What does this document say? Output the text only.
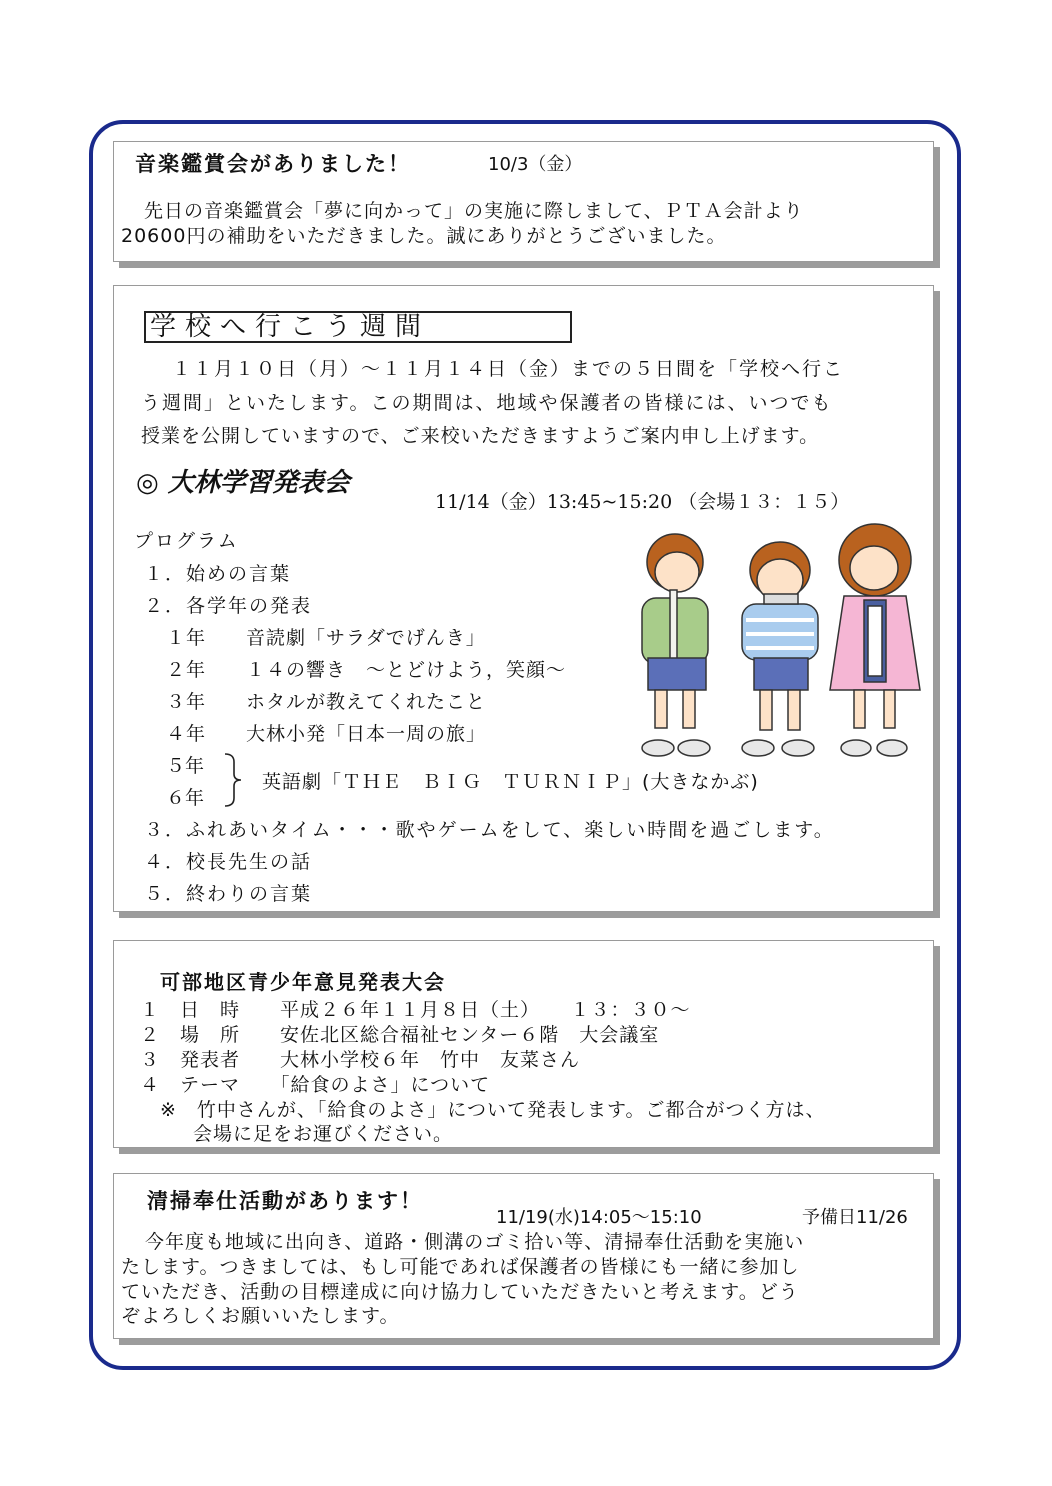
音楽鑑賞会がありました！	10/3（金）
先日の音楽鑑賞会「夢に向かって」の実施に際しまして、ＰＴＡ会計より
20600円の補助をいただきました。誠にありがとうございました。
学校へ行こう週間
１１月１０日（月）～１１月１４日（金）までの５日間を「学校へ行こ
う週間」といたします。この期間は、地域や保護者の皆様には、いつでも
授業を公開していますので、ご来校いただきますようご案内申し上げます。
◎ 大林学習発表会
11/14（金）13:45~15:20 （会場１３：１５）
プログラム
１．始めの言葉
２．各学年の発表
１年　　音読劇「サラダでげんき」
２年　　１４の響き　～とどけよう，笑顔～
３年　　ホタルが教えてくれたこと
４年　　大林小発「日本一周の旅」
５年
６年
英語劇「ＴＨＥ　ＢＩＧ　ＴＵＲＮＩＰ」(大きなかぶ)
３．ふれあいタイム・・・歌やゲームをして、楽しい時間を過ごします。
４．校長先生の話
５．終わりの言葉
可部地区青少年意見発表大会
１　日　時　　平成２６年１１月８日（土）　　１３：３０～
２　場　所　　安佐北区総合福祉センター６階　大会議室
３　発表者　　大林小学校６年　竹中　友菜さん
４　テーマ　　「給食のよさ」について
※　竹中さんが、「給食のよさ」について発表します。ご都合がつく方は、
会場に足をお運びください。
清掃奉仕活動があります！
11/19(水)14:05～15:10	予備日11/26
今年度も地域に出向き、道路・側溝のゴミ拾い等、清掃奉仕活動を実施い
たします。つきましては、もし可能であれば保護者の皆様にも一緒に参加し
ていただき、活動の目標達成に向け協力していただきたいと考えます。どう
ぞよろしくお願いいたします。
